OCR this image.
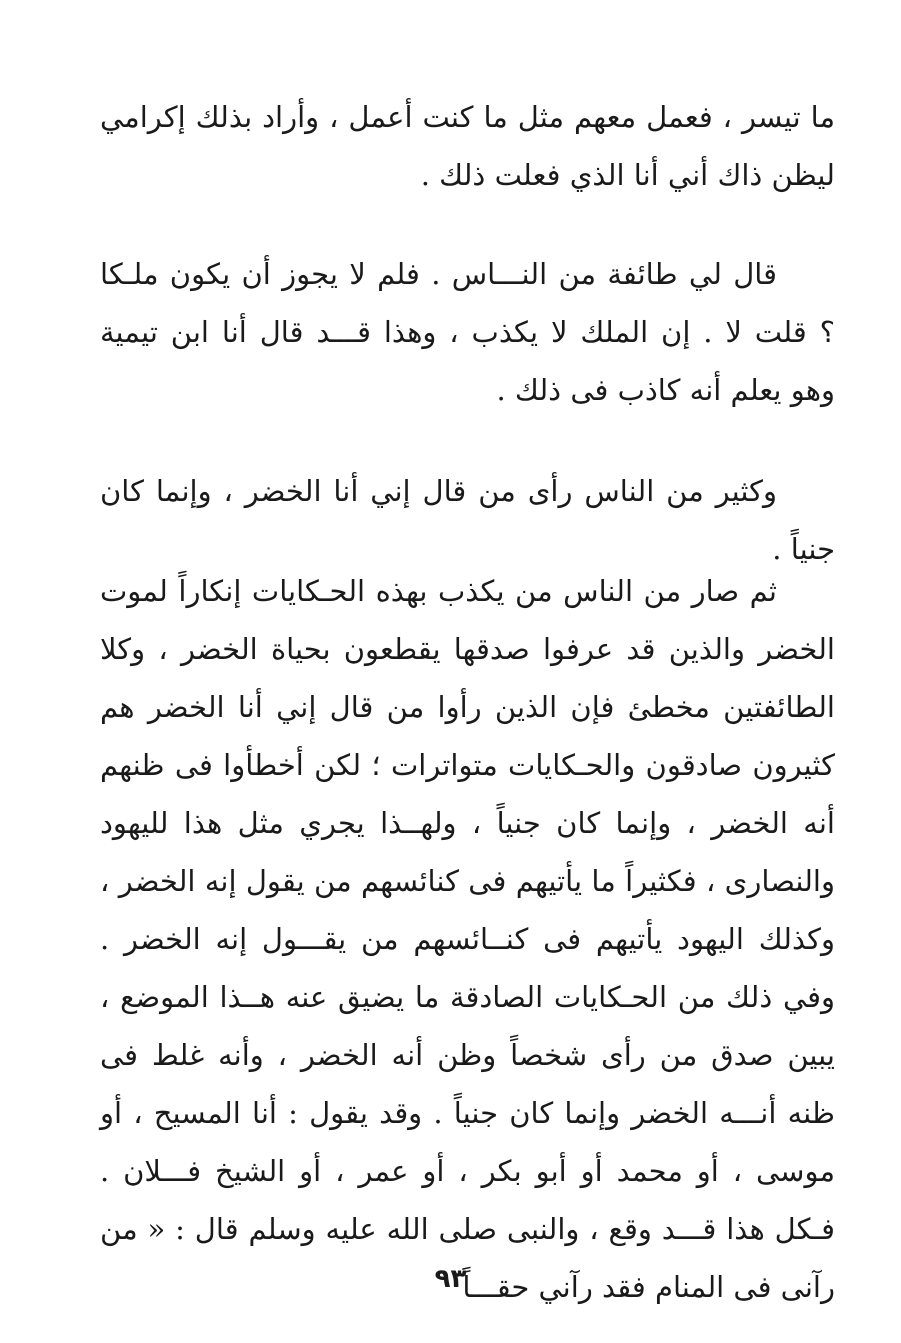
ما تيسر ، فعمل معهم مثل ما كنت أعمل ، وأراد بذلك إكرامي ليظن ذاك أني أنا الذي فعلت ذلك .

قال لي طائفة من النـــاس . فلم لا يجوز أن يكون ملـكا ؟ قلت لا . إن الملك لا يكذب ، وهذا قـــد قال أنا ابن تيمية وهو يعلم أنه كاذب فى ذلك .

وكثير من الناس رأى من قال إني أنا الخضر ، وإنما كان جنياً .

ثم صار من الناس من يكذب بهذه الحـكايات إنكاراً لموت الخضر والذين قد عرفوا صدقها يقطعون بحياة الخضر ، وكلا الطائفتين مخطئ فإن الذين رأوا من قال إني أنا الخضر هم كثيرون صادقون والحـكايات متواترات ؛ لكن أخطأوا فى ظنهم أنه الخضر ، وإنما كان جنياً ، ولهــذا يجري مثل هذا لليهود والنصارى ، فكثيراً ما يأتيهم فى كنائسهم من يقول إنه الخضر ، وكذلك اليهود يأتيهم فى كنــائسهم من يقـــول إنه الخضر . وفي ذلك من الحـكايات الصادقة ما يضيق عنه هــذا الموضع ، يبين صدق من رأى شخصاً وظن أنه الخضر ، وأنه غلط فى ظنه أنـــه الخضر وإنما كان جنياً . وقد يقول : أنا المسيح ، أو موسى ، أو محمد أو أبو بكر ، أو عمر ، أو الشيخ فـــلان . فـكل هذا قـــد وقع ، والنبى صلى الله عليه وسلم قال : « من رآنى فى المنام فقد رآني حقـــاً

٩٣
